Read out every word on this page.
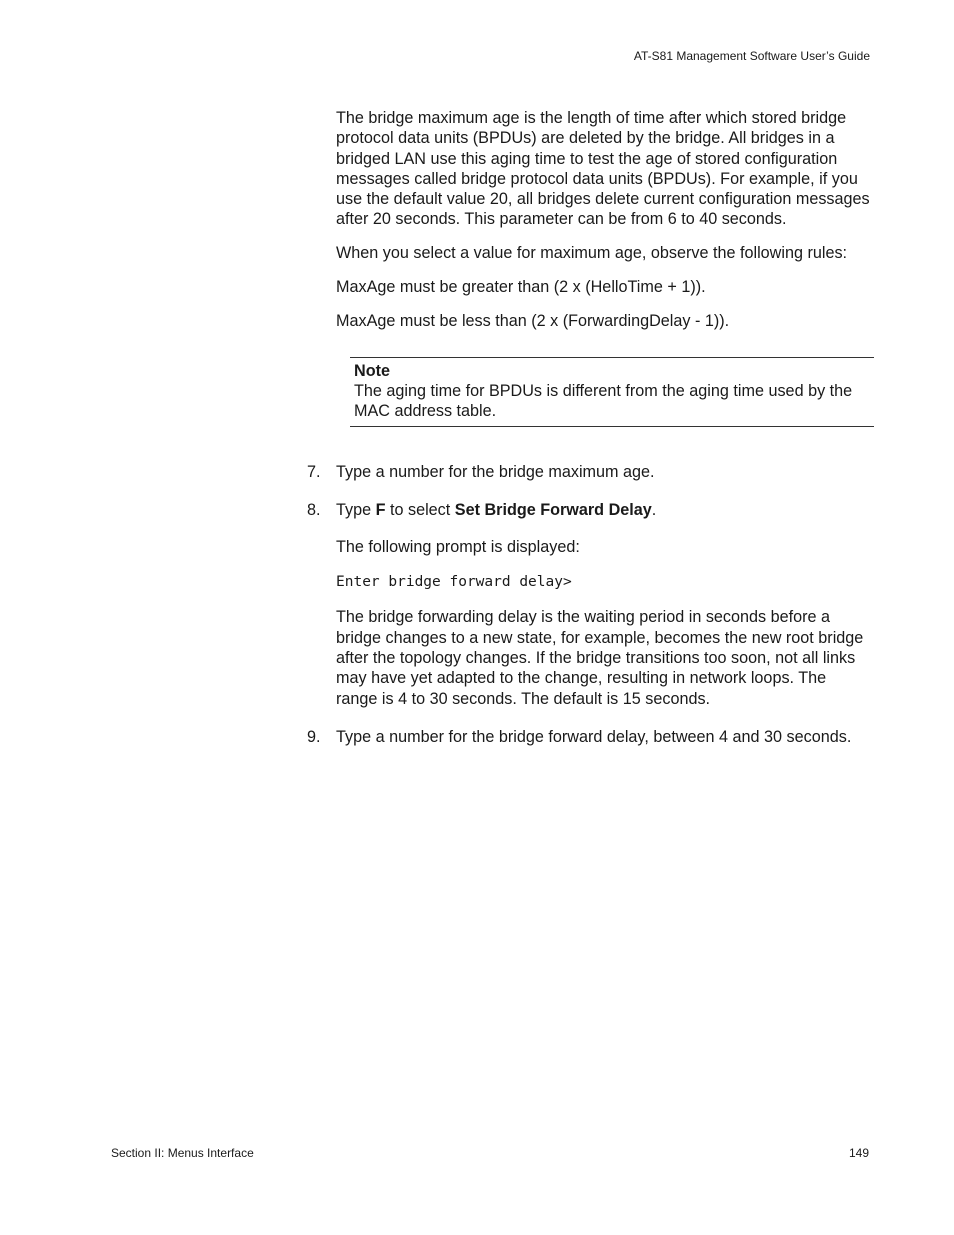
AT-S81 Management Software User’s Guide

The bridge maximum age is the length of time after which stored bridge protocol data units (BPDUs) are deleted by the bridge. All bridges in a bridged LAN use this aging time to test the age of stored configuration messages called bridge protocol data units (BPDUs). For example, if you use the default value 20, all bridges delete current configuration messages after 20 seconds. This parameter can be from 6 to 40 seconds.

When you select a value for maximum age, observe the following rules:

MaxAge must be greater than (2 x (HelloTime + 1)).

MaxAge must be less than (2 x (ForwardingDelay - 1)).

Note
The aging time for BPDUs is different from the aging time used by the MAC address table.
7. Type a number for the bridge maximum age.
8. Type F to select Set Bridge Forward Delay.

The following prompt is displayed:

Enter bridge forward delay>

The bridge forwarding delay is the waiting period in seconds before a bridge changes to a new state, for example, becomes the new root bridge after the topology changes. If the bridge transitions too soon, not all links may have yet adapted to the change, resulting in network loops. The range is 4 to 30 seconds. The default is 15 seconds.

9. Type a number for the bridge forward delay, between 4 and 30 seconds.
Section II: Menus Interface	149
